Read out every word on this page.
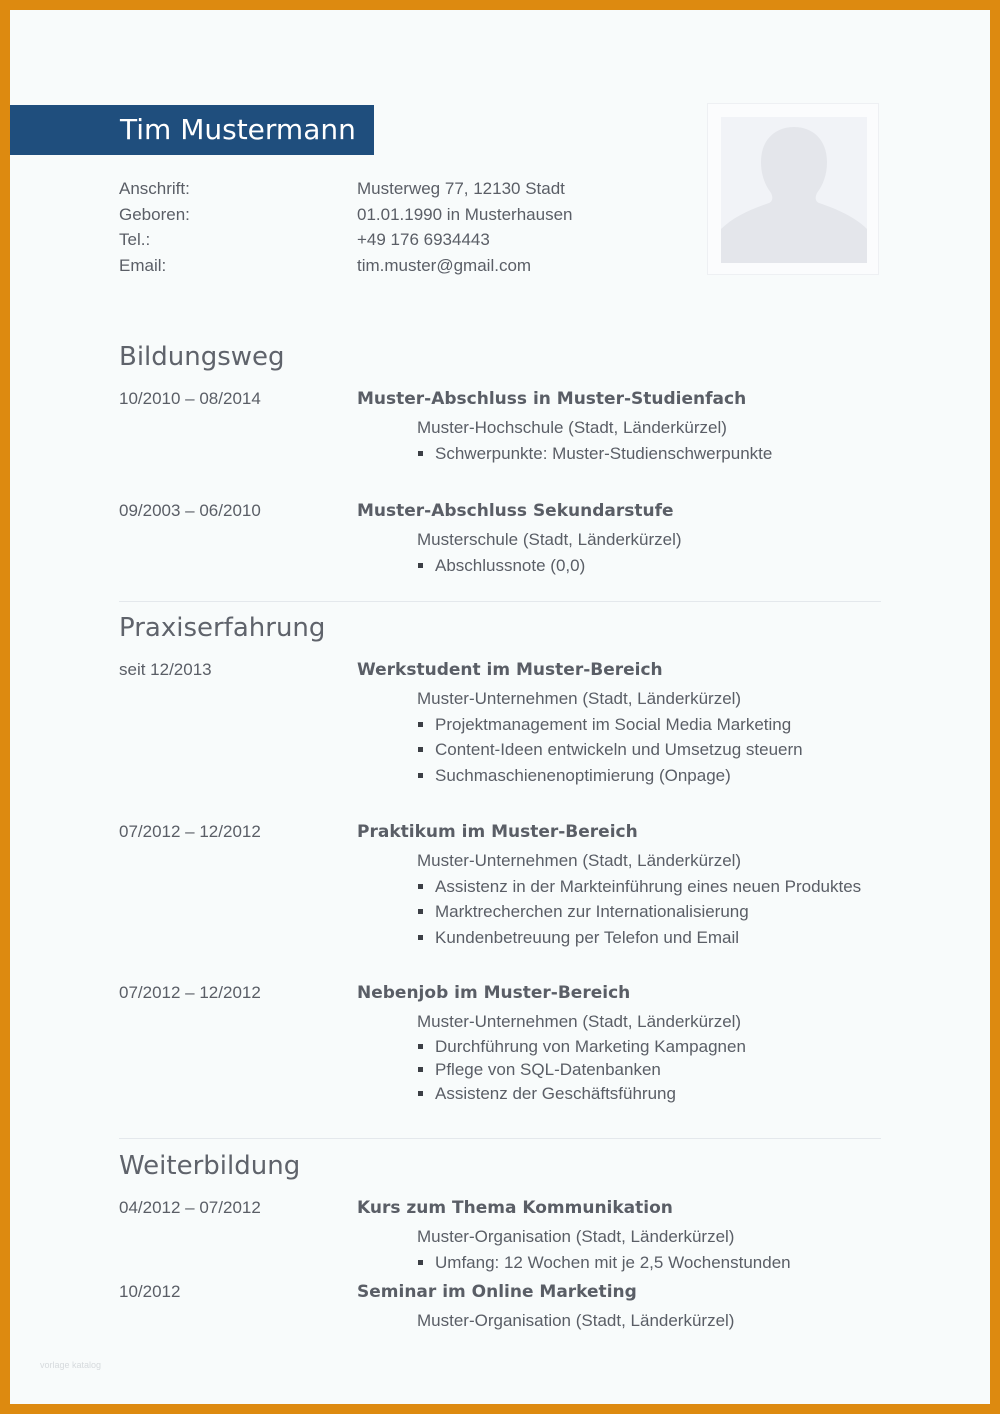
Tim Mustermann
Anschrift:	Musterweg 77, 12130 Stadt
Geboren:	01.01.1990 in Musterhausen
Tel.:	+49 176 6934443
Email:	tim.muster@gmail.com
Bildungsweg
10/2010 – 08/2014	Muster-Abschluss in Muster-Studienfach
Muster-Hochschule (Stadt, Länderkürzel)
Schwerpunkte: Muster-Studienschwerpunkte
09/2003 – 06/2010	Muster-Abschluss Sekundarstufe
Musterschule (Stadt, Länderkürzel)
Abschlussnote (0,0)
Praxiserfahrung
seit 12/2013	Werkstudent im Muster-Bereich
Muster-Unternehmen (Stadt, Länderkürzel)
Projektmanagement im Social Media Marketing
Content-Ideen entwickeln und Umsetzug steuern
Suchmaschienenoptimierung (Onpage)
07/2012 – 12/2012	Praktikum im Muster-Bereich
Muster-Unternehmen (Stadt, Länderkürzel)
Assistenz in der Markteinführung eines neuen Produktes
Marktrecherchen zur Internationalisierung
Kundenbetreuung per Telefon und Email
07/2012 – 12/2012	Nebenjob im Muster-Bereich
Muster-Unternehmen (Stadt, Länderkürzel)
Durchführung von Marketing Kampagnen
Pflege von SQL-Datenbanken
Assistenz der Geschäftsführung
Weiterbildung
04/2012 – 07/2012	Kurs zum Thema Kommunikation
Muster-Organisation (Stadt, Länderkürzel)
Umfang: 12 Wochen mit je 2,5 Wochenstunden
10/2012	Seminar im Online Marketing
Muster-Organisation (Stadt, Länderkürzel)
vorlage katalog
